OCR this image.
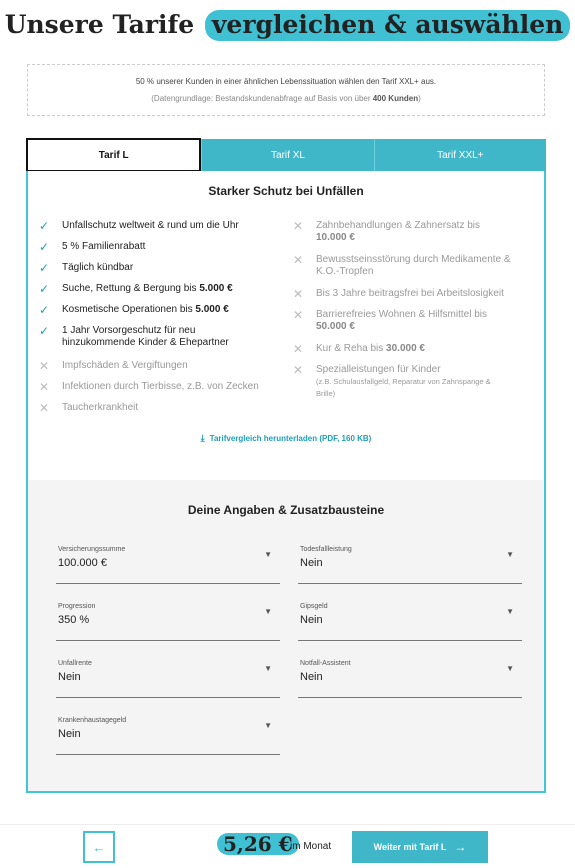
Unsere Tarife vergleichen & auswählen
50 % unserer Kunden in einer ähnlichen Lebenssituation wählen den Tarif XXL+ aus.
(Datengrundlage: Bestandskundenabfrage auf Basis von über 400 Kunden)
Tarif L	Tarif XL	Tarif XXL+
Starker Schutz bei Unfällen
✓ Unfallschutz weltweit & rund um die Uhr
✓ 5 % Familienrabatt
✓ Täglich kündbar
✓ Suche, Rettung & Bergung bis 5.000 €
✓ Kosmetische Operationen bis 5.000 €
✓ 1 Jahr Vorsorgeschutz für neu
hinzukommende Kinder & Ehepartner
✕ Impfschäden & Vergiftungen
✕ Infektionen durch Tierbisse, z.B. von Zecken
✕ Taucherkrankheit
✕ Zahnbehandlungen & Zahnersatz bis
10.000 €
✕ Bewusstseinsstörung durch Medikamente &
K.O.-Tropfen
✕ Bis 3 Jahre beitragsfrei bei Arbeitslosigkeit
✕ Barrierefreies Wohnen & Hilfsmittel bis
50.000 €
✕ Kur & Reha bis 30.000 €
✕ Spezialleistungen für Kinder
(z.B. Schulausfallgeld, Reparatur von Zahnspange &
Brille)
⤓ Tarifvergleich herunterladen (PDF, 160 KB)
Deine Angaben & Zusatzbausteine
Versicherungssumme
100.000 €
▼
Todesfallleistung
Nein
▼
Progression
350 %
▼
Gipsgeld
Nein
▼
Unfallrente
Nein
▼
Notfall-Assistent
Nein
▼
Krankenhaustagegeld
Nein
▼
←	5,26 €
im Monat	Weiter mit Tarif L →
